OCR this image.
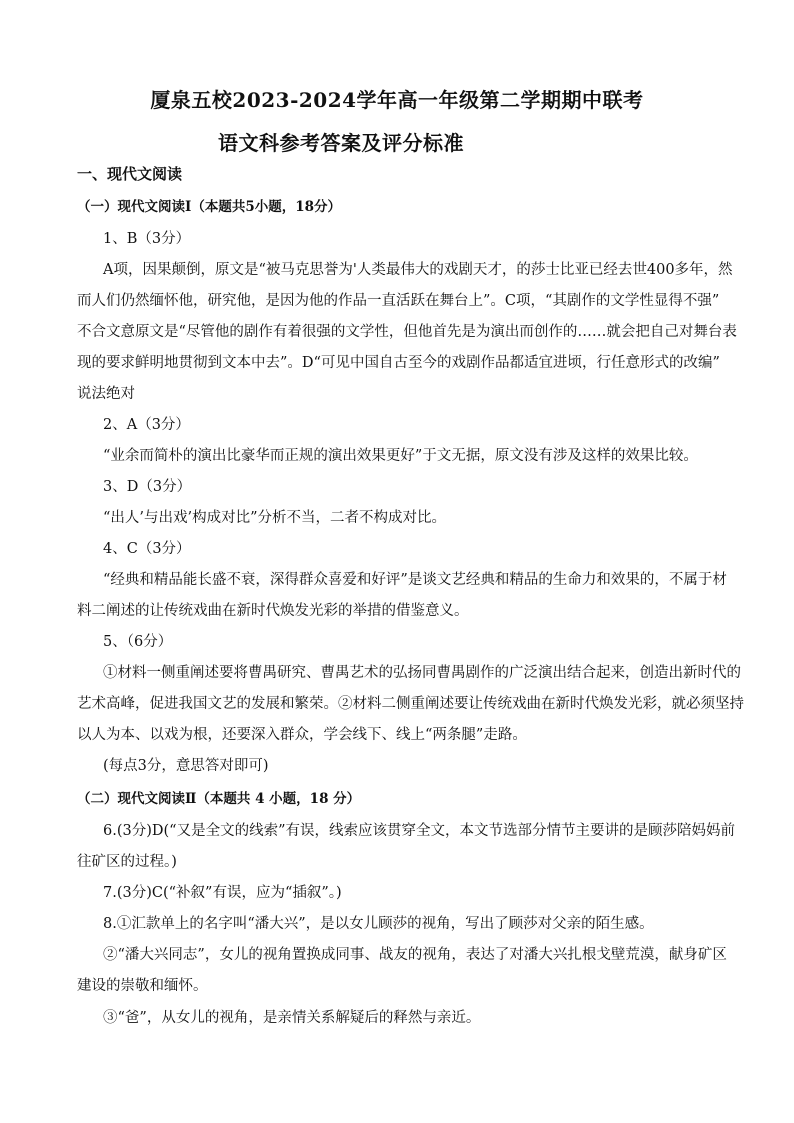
厦泉五校2023-2024学年高一年级第二学期期中联考
语文科参考答案及评分标准
一、现代文阅读
（一）现代文阅读Ⅰ（本题共5小题，18分）
1、B（3分）
A项，因果颠倒，原文是“被马克思誉为'人类最伟大的戏剧天才，的莎士比亚已经去世400多年，然
而人们仍然缅怀他，研究他，是因为他的作品一直活跃在舞台上”。C项，“其剧作的文学性显得不强”
不合文意原文是“尽管他的剧作有着很强的文学性，但他首先是为演出而创作的……就会把自己对舞台表
现的要求鲜明地贯彻到文本中去”。D“可见中国自古至今的戏剧作品都适宜进顷，行任意形式的改编”
说法绝对
2、A（3分）
“业余而简朴的演出比豪华而正规的演出效果更好”于文无据，原文没有涉及这样的效果比较。
3、D（3分）
“出人’与出戏’构成对比”分析不当，二者不构成对比。
4、C（3分）
“经典和精品能长盛不衰，深得群众喜爱和好评”是谈文艺经典和精品的生命力和效果的，不属于材
料二阐述的让传统戏曲在新时代焕发光彩的举措的借鉴意义。
5、（6分）
①材料一侧重阐述要将曹禺研究、曹禺艺术的弘扬同曹禺剧作的广泛演出结合起来，创造出新时代的
艺术高峰，促进我国文艺的发展和繁荣。②材料二侧重阐述要让传统戏曲在新时代焕发光彩，就必须坚持
以人为本、以戏为根，还要深入群众，学会线下、线上“两条腿”走路。
(每点3分，意思答对即可)
（二）现代文阅读Ⅱ（本题共 4 小题，18 分）
6.(3分)D(“又是全文的线索”有误，线索应该贯穿全文，本文节选部分情节主要讲的是顾莎陪妈妈前
往矿区的过程。)
7.(3分)C(“补叙”有误，应为“插叙”。)
8.①汇款单上的名字叫“潘大兴”，是以女儿顾莎的视角，写出了顾莎对父亲的陌生感。
②“潘大兴同志”，女儿的视角置换成同事、战友的视角，表达了对潘大兴扎根戈壁荒漠，献身矿区
建设的崇敬和缅怀。
③“爸”，从女儿的视角，是亲情关系解疑后的释然与亲近。
